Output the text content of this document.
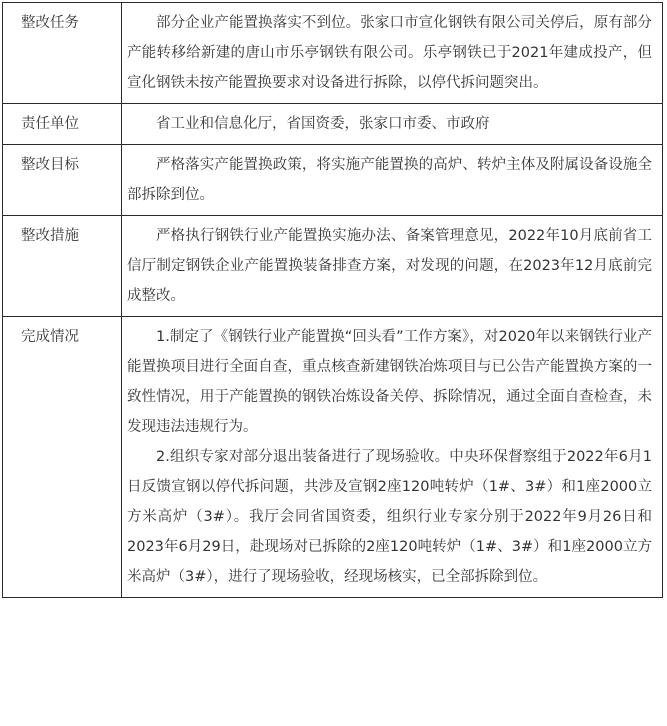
整改任务	部分企业产能置换落实不到位。张家口市宣化钢铁有限公司关停后，原有部分产能转移给新建的唐山市乐亭钢铁有限公司。乐亭钢铁已于2021年建成投产，但宣化钢铁未按产能置换要求对设备进行拆除，以停代拆问题突出。
责任单位	省工业和信息化厅，省国资委，张家口市委、市政府
整改目标	严格落实产能置换政策，将实施产能置换的高炉、转炉主体及附属设备设施全部拆除到位。
整改措施	严格执行钢铁行业产能置换实施办法、备案管理意见，2022年10月底前省工信厅制定钢铁企业产能置换装备排查方案，对发现的问题，在2023年12月底前完成整改。
完成情况	1.制定了《钢铁行业产能置换“回头看”工作方案》，对2020年以来钢铁行业产能置换项目进行全面自查，重点核查新建钢铁冶炼项目与已公告产能置换方案的一致性情况，用于产能置换的钢铁冶炼设备关停、拆除情况，通过全面自查检查，未发现违法违规行为。

2.组织专家对部分退出装备进行了现场验收。中央环保督察组于2022年6月1日反馈宣钢以停代拆问题，共涉及宣钢2座120吨转炉（1#、3#）和1座2000立方米高炉（3#）。我厅会同省国资委，组织行业专家分别于2022年9月26日和2023年6月29日，赴现场对已拆除的2座120吨转炉（1#、3#）和1座2000立方米高炉（3#），进行了现场验收，经现场核实，已全部拆除到位。
